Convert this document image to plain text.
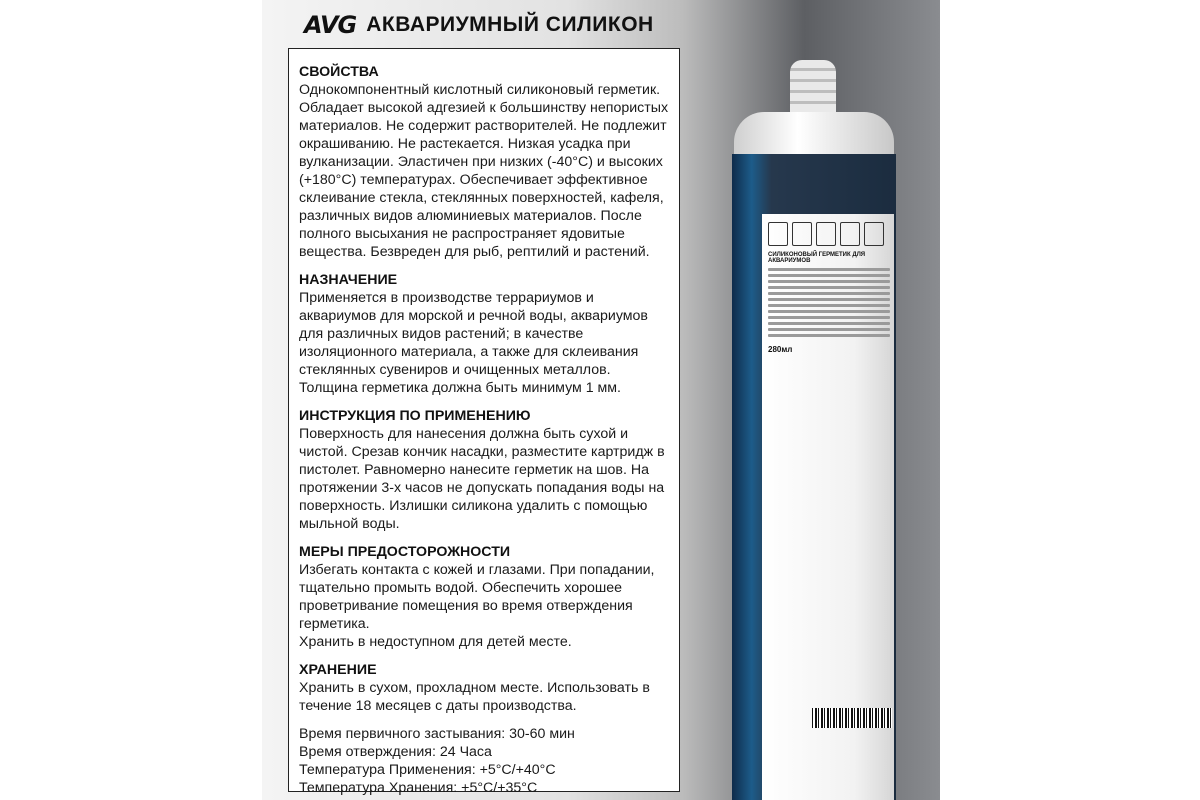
AVG АКВАРИУМНЫЙ СИЛИКОН
СИЛИКОНОВЫЙ ГЕРМЕТИК ДЛЯ АКВАРИУМОВ
280мл
СВОЙСТВА

Однокомпонентный кислотный силиконовый герметик. Обладает высокой адгезией к большинству непористых материалов. Не содержит растворителей. Не подлежит окрашиванию. Не растекается. Низкая усадка при вулканизации. Эластичен при низких (-40°С) и высоких (+180°С) температурах. Обеспечивает эффективное склеивание стекла, стеклянных поверхностей, кафеля, различных видов алюминиевых материалов. После полного высыхания не распространяет ядовитые вещества. Безвреден для рыб, рептилий и растений.

НАЗНАЧЕНИЕ

Применяется в производстве террариумов и аквариумов для морской и речной воды, аквариумов для различных видов растений; в качестве изоляционного материала, а также для склеивания стеклянных сувениров и очищенных металлов. Толщина герметика должна быть минимум 1 мм.

ИНСТРУКЦИЯ ПО ПРИМЕНЕНИЮ

Поверхность для нанесения должна быть сухой и чистой. Срезав кончик насадки, разместите картридж в пистолет. Равномерно нанесите герметик на шов. На протяжении 3-х часов не допускать попадания воды на поверхность. Излишки силикона удалить с помощью мыльной воды.

МЕРЫ ПРЕДОСТОРОЖНОСТИ

Избегать контакта с кожей и глазами. При попадании, тщательно промыть водой. Обеспечить хорошее проветривание помещения во время отверждения герметика.
Хранить в недоступном для детей месте.

ХРАНЕНИЕ

Хранить в сухом, прохладном месте. Использовать в течение 18 месяцев с даты производства.

Время первичного застывания: 30-60 мин
Время отверждения: 24 Часа
Температура Применения: +5°С/+40°С
Температура Хранения: +5°С/+35°С
